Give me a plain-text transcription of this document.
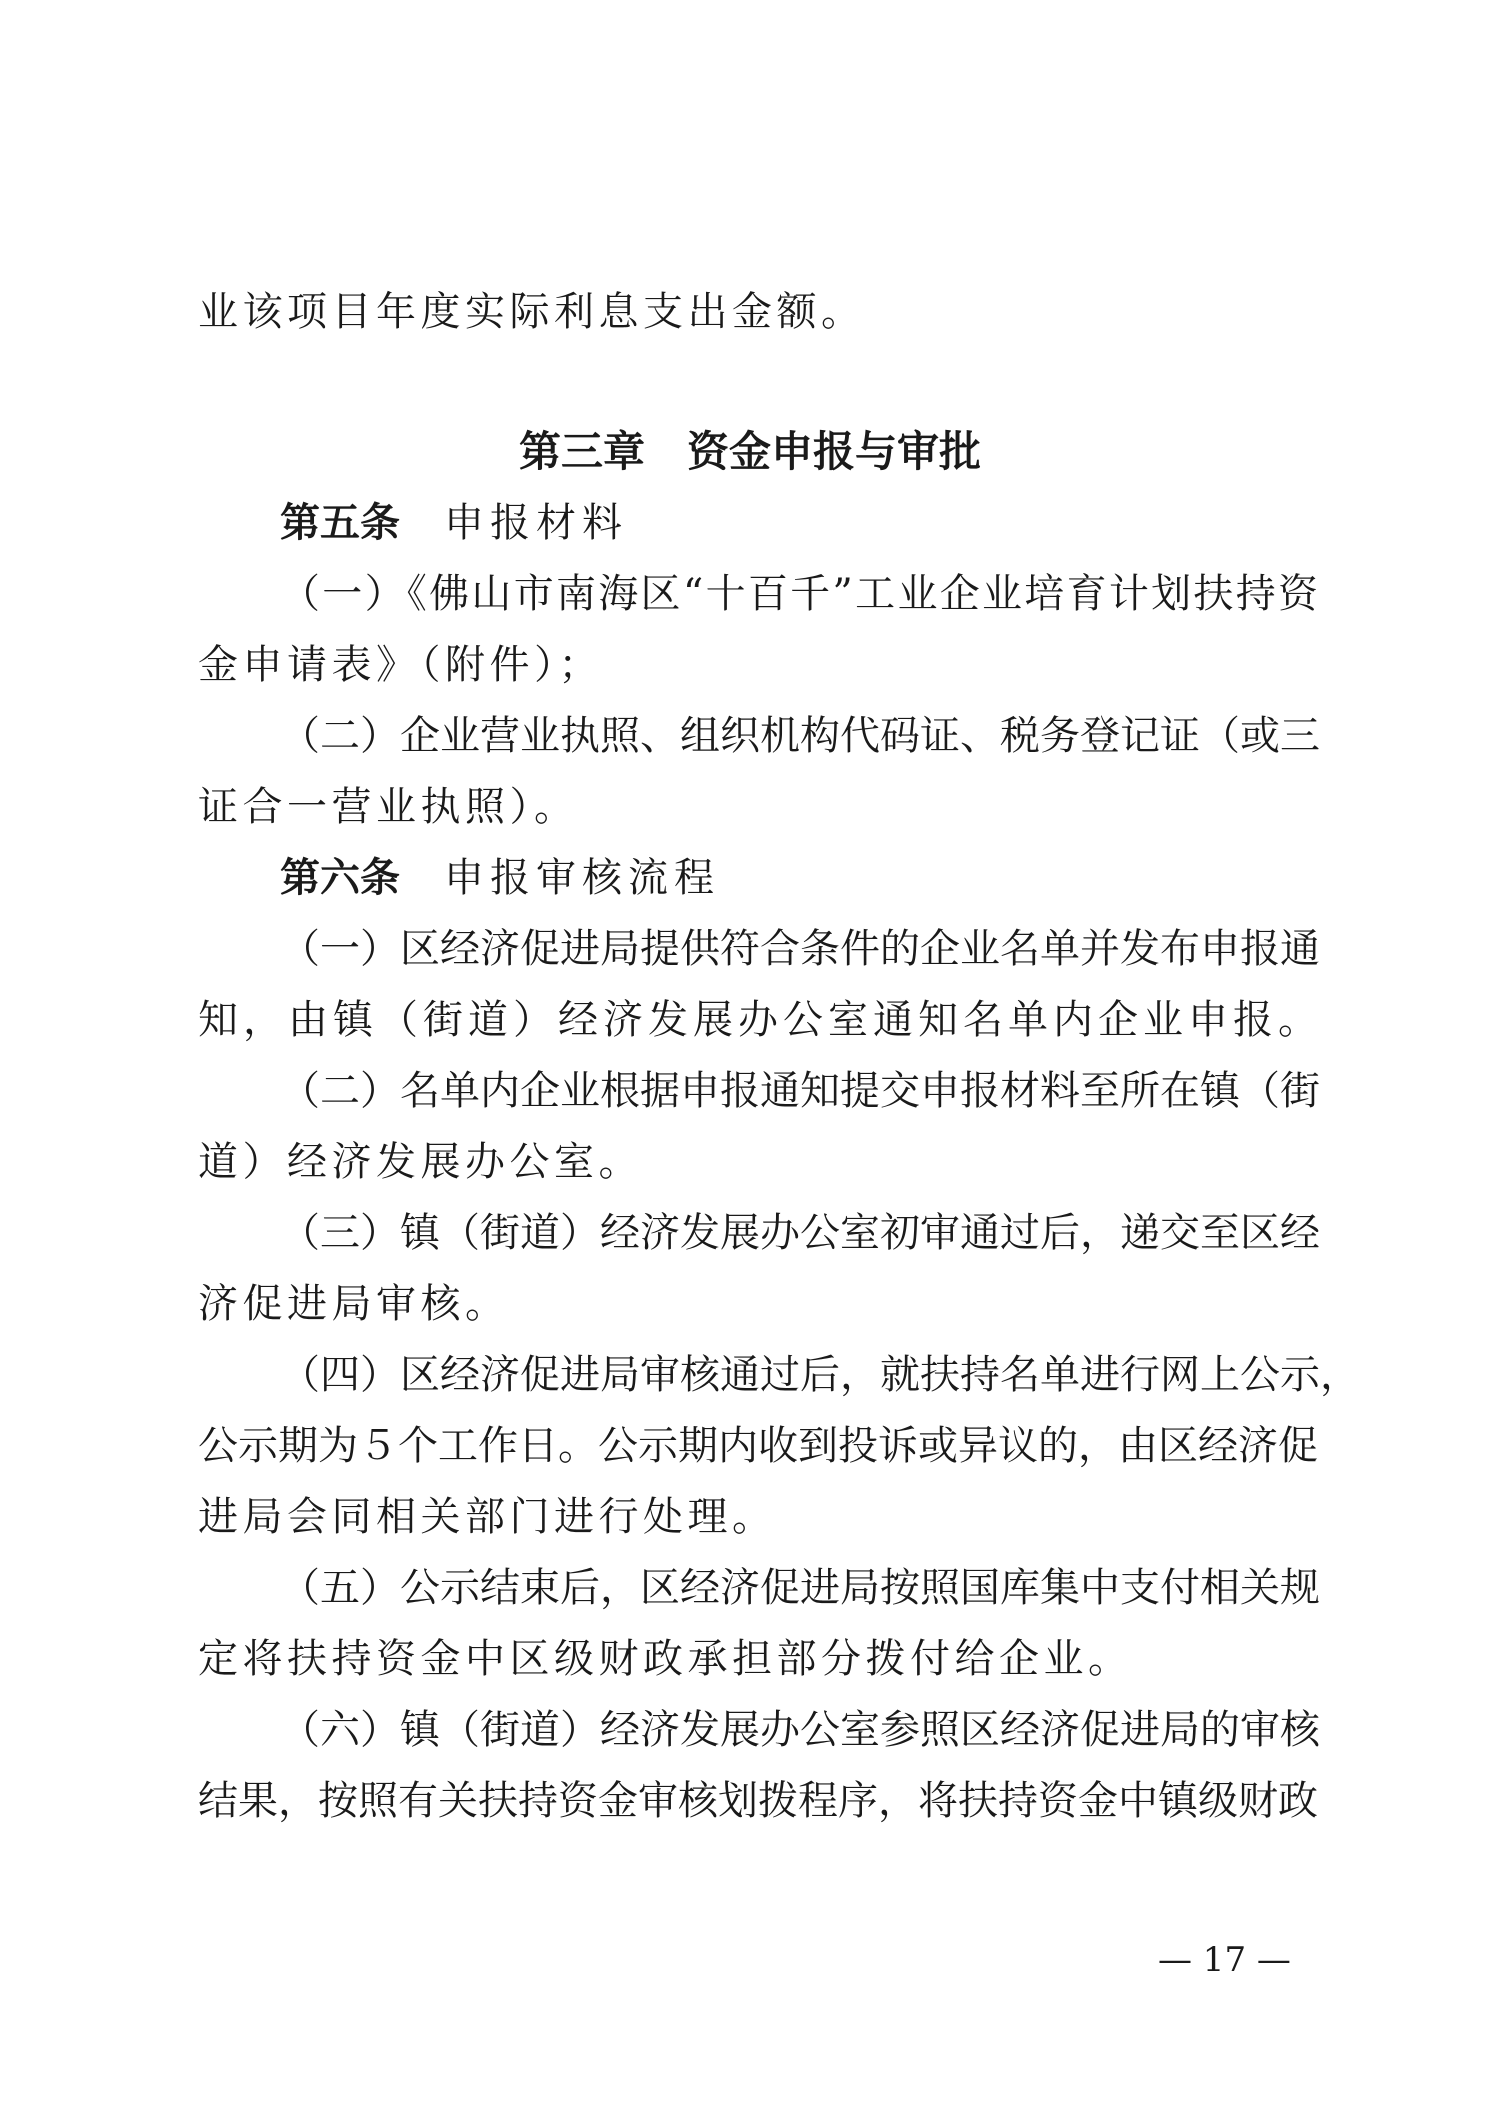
业该项目年度实际利息支出金额。
第三章　资金申报与审批
第五条 申报材料
（一）《佛山市南海区“十百千”工业企业培育计划扶持资
金申请表》（附件）；
（二）企业营业执照、组织机构代码证、税务登记证（或三
证合一营业执照）。
第六条 申报审核流程
（一）区经济促进局提供符合条件的企业名单并发布申报通
知，由镇（街道）经济发展办公室通知名单内企业申报。
（二）名单内企业根据申报通知提交申报材料至所在镇（街
道）经济发展办公室。
（三）镇（街道）经济发展办公室初审通过后，递交至区经
济促进局审核。
（四）区经济促进局审核通过后，就扶持名单进行网上公示，
公示期为５个工作日。公示期内收到投诉或异议的，由区经济促
进局会同相关部门进行处理。
（五）公示结束后，区经济促进局按照国库集中支付相关规
定将扶持资金中区级财政承担部分拨付给企业。
（六）镇（街道）经济发展办公室参照区经济促进局的审核
结果，按照有关扶持资金审核划拨程序，将扶持资金中镇级财政
— 17 —
